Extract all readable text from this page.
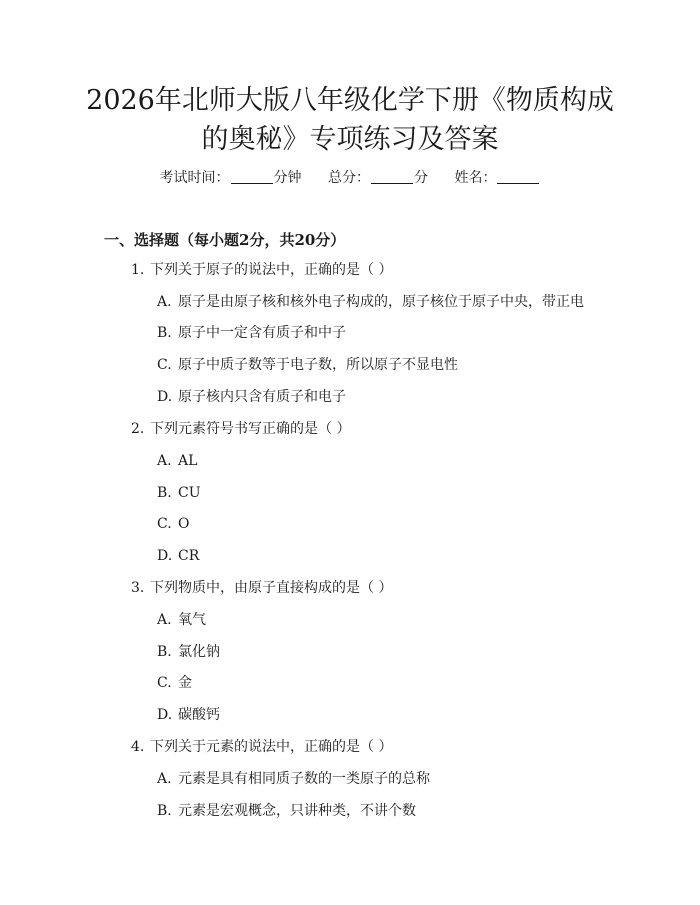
2026年北师大版八年级化学下册《物质构成
的奥秘》专项练习及答案
考试时间：	分钟 总分：	分 姓名：
一、选择题（每小题2分，共20分）
1. 下列关于原子的说法中，正确的是（ ）
A. 原子是由原子核和核外电子构成的，原子核位于原子中央，带正电
B. 原子中一定含有质子和中子
C. 原子中质子数等于电子数，所以原子不显电性
D. 原子核内只含有质子和电子
2. 下列元素符号书写正确的是（ ）
A. AL
B. CU
C. O
D. CR
3. 下列物质中，由原子直接构成的是（ ）
A. 氧气
B. 氯化钠
C. 金
D. 碳酸钙
4. 下列关于元素的说法中，正确的是（ ）
A. 元素是具有相同质子数的一类原子的总称
B. 元素是宏观概念，只讲种类，不讲个数
